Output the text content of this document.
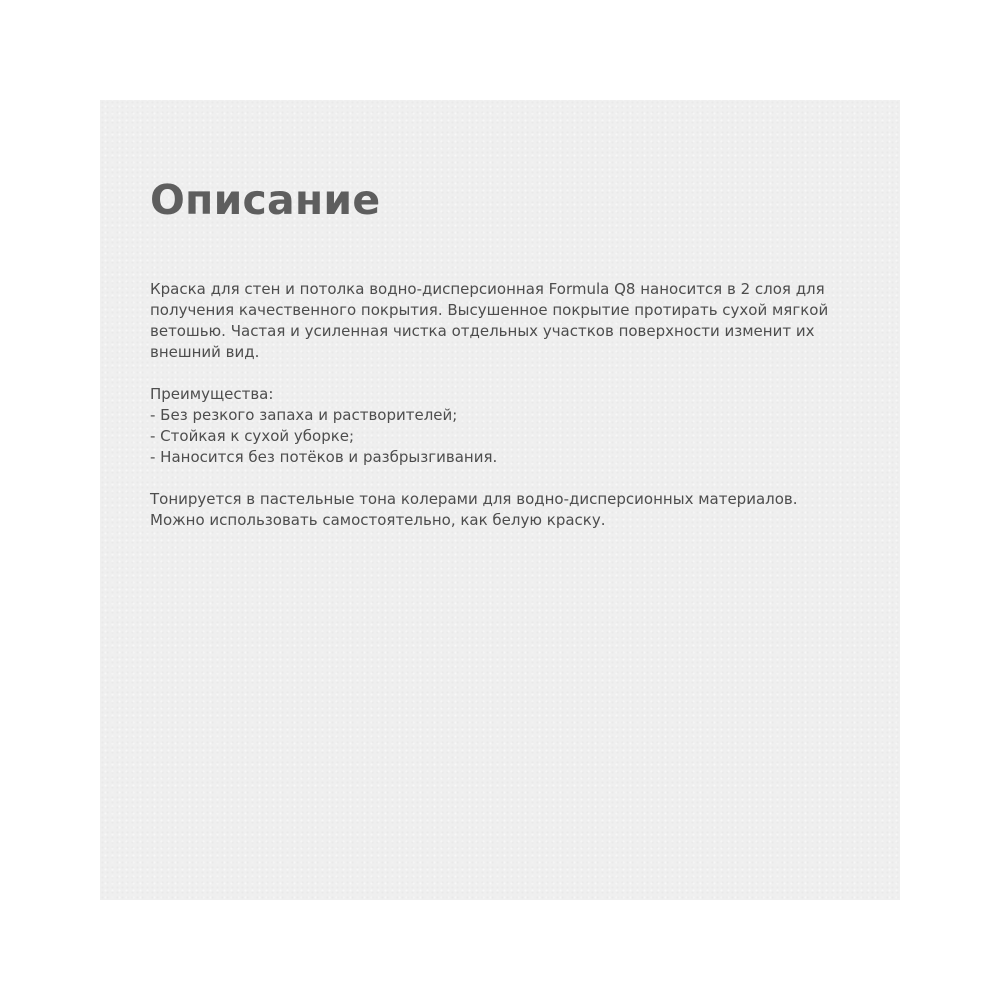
Описание

Краска для стен и потолка водно-дисперсионная Formula Q8 наносится в 2 слоя для
получения качественного покрытия. Высушенное покрытие протирать сухой мягкой
ветошью. Частая и усиленная чистка отдельных участков поверхности изменит их
внешний вид.

Преимущества:
- Без резкого запаха и растворителей;
- Стойкая к сухой уборке;
- Наносится без потёков и разбрызгивания.

Тонируется в пастельные тона колерами для водно-дисперсионных материалов.
Можно использовать самостоятельно, как белую краску.
